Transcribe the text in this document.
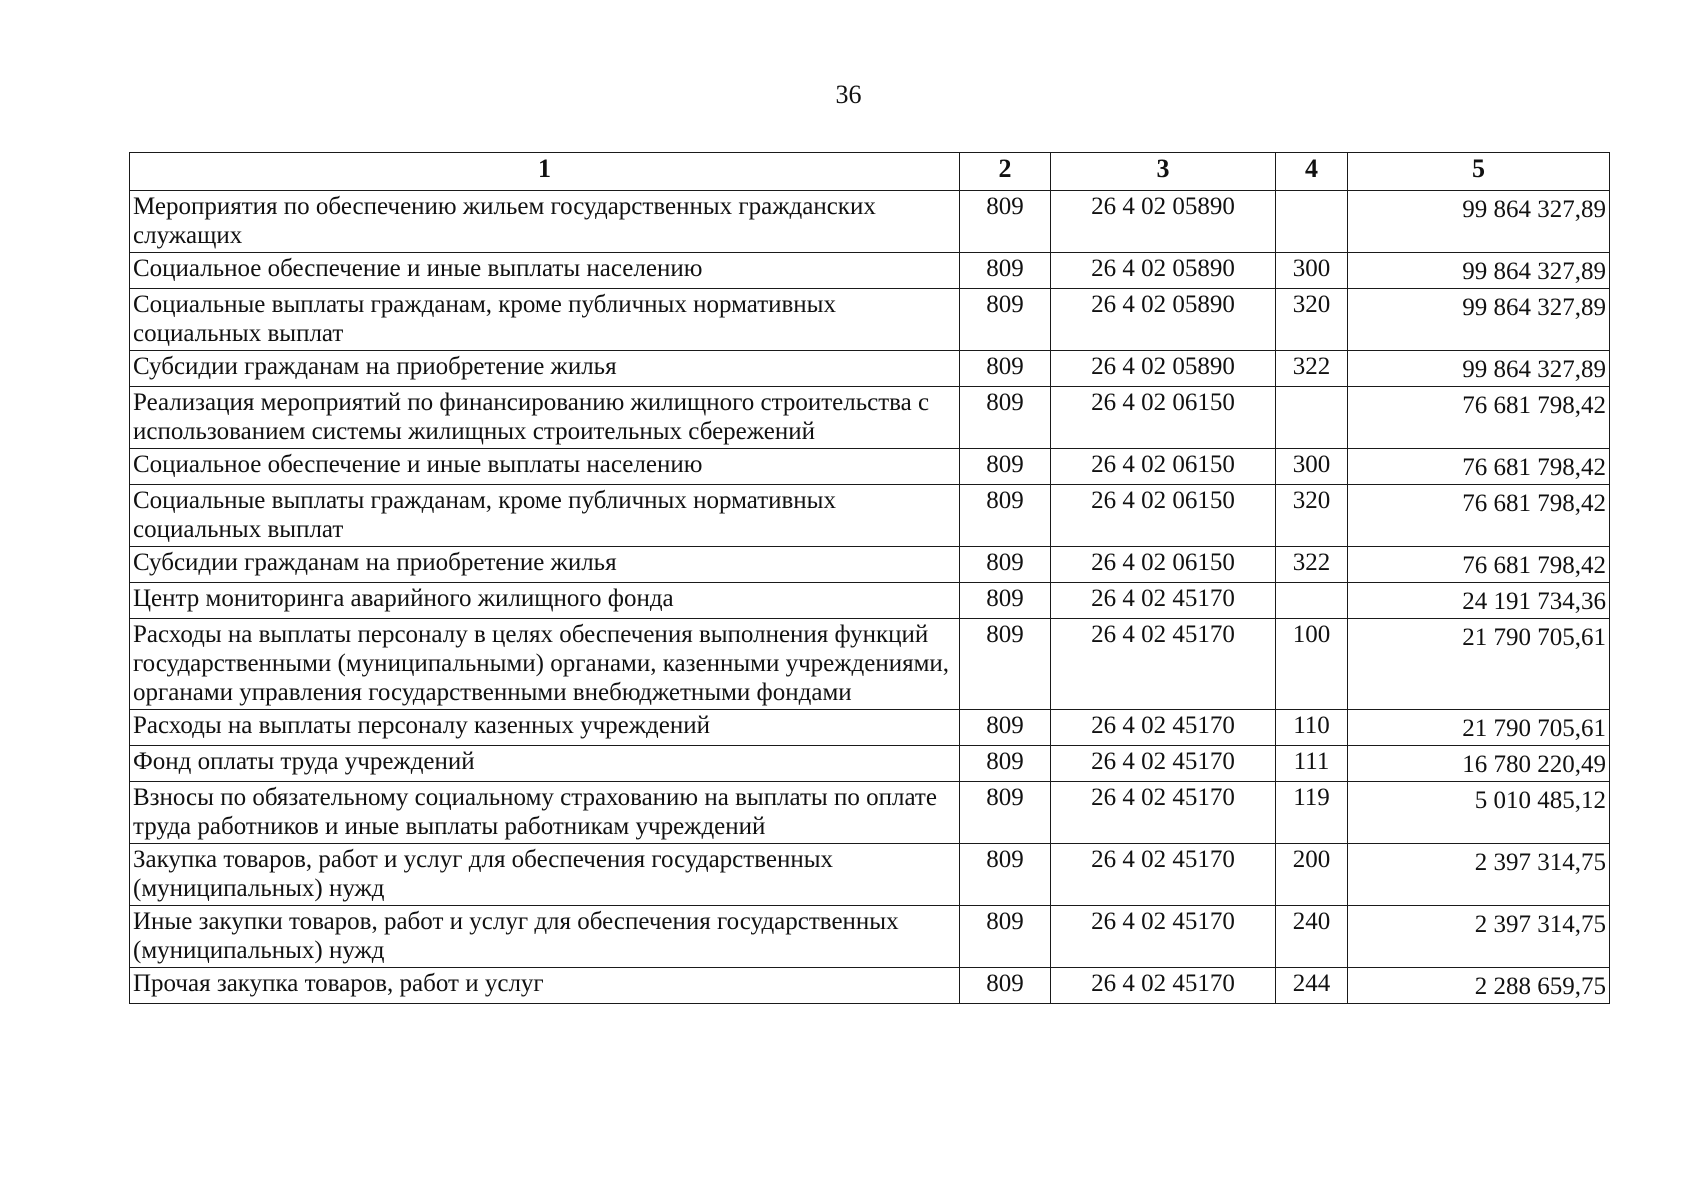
36
1	2	3	4	5
Мероприятия по обеспечению жильем государственных гражданских служащих	809	26 4 02 05890		99 864 327,89
Социальное обеспечение и иные выплаты населению	809	26 4 02 05890	300	99 864 327,89
Социальные выплаты гражданам, кроме публичных нормативных социальных выплат	809	26 4 02 05890	320	99 864 327,89
Субсидии гражданам на приобретение жилья	809	26 4 02 05890	322	99 864 327,89
Реализация мероприятий по финансированию жилищного строительства с использованием системы жилищных строительных сбережений	809	26 4 02 06150		76 681 798,42
Социальное обеспечение и иные выплаты населению	809	26 4 02 06150	300	76 681 798,42
Социальные выплаты гражданам, кроме публичных нормативных социальных выплат	809	26 4 02 06150	320	76 681 798,42
Субсидии гражданам на приобретение жилья	809	26 4 02 06150	322	76 681 798,42
Центр мониторинга аварийного жилищного фонда	809	26 4 02 45170		24 191 734,36
Расходы на выплаты персоналу в целях обеспечения выполнения функций государственными (муниципальными) органами, казенными учреждениями, органами управления государственными внебюджетными фондами	809	26 4 02 45170	100	21 790 705,61
Расходы на выплаты персоналу казенных учреждений	809	26 4 02 45170	110	21 790 705,61
Фонд оплаты труда учреждений	809	26 4 02 45170	111	16 780 220,49
Взносы по обязательному социальному страхованию на выплаты по оплате труда работников и иные выплаты работникам учреждений	809	26 4 02 45170	119	5 010 485,12
Закупка товаров, работ и услуг для обеспечения государственных (муниципальных) нужд	809	26 4 02 45170	200	2 397 314,75
Иные закупки товаров, работ и услуг для обеспечения государственных (муниципальных) нужд	809	26 4 02 45170	240	2 397 314,75
Прочая закупка товаров, работ и услуг	809	26 4 02 45170	244	2 288 659,75
